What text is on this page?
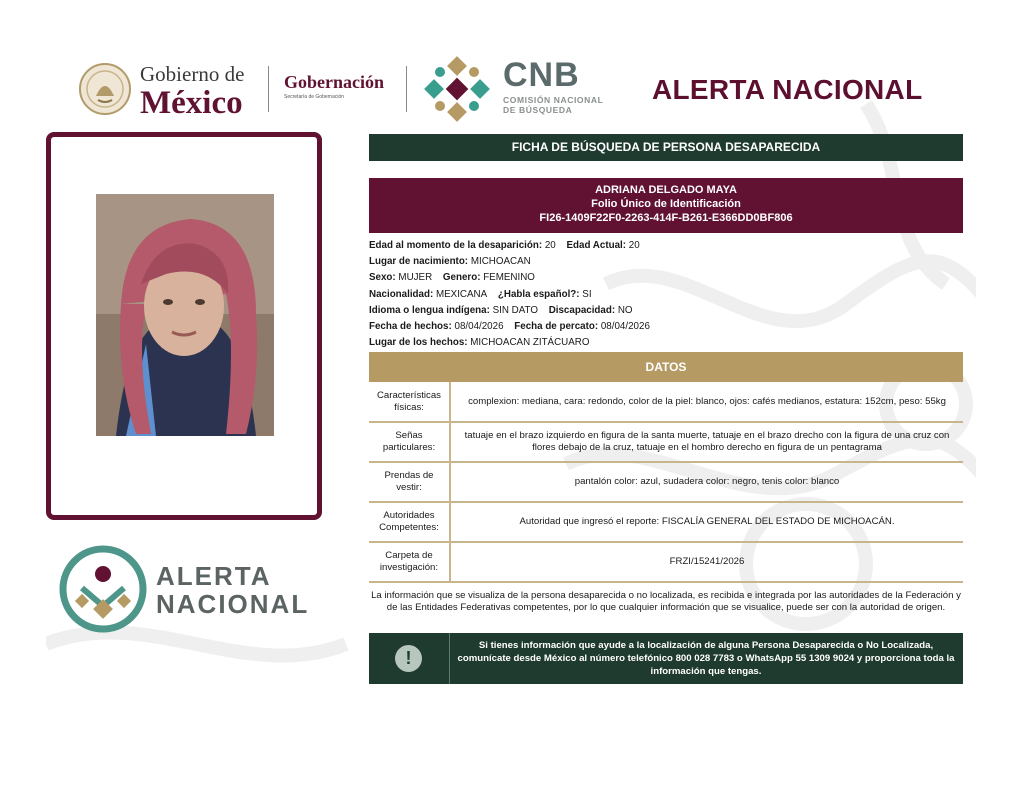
Gobierno de
México
Gobernación
Secretaría de Gobernación
CNB
COMISIÓN NACIONAL
DE BÚSQUEDA
ALERTA NACIONAL
ALERTA
NACIONAL
FICHA DE BÚSQUEDA DE PERSONA DESAPARECIDA
ADRIANA DELGADO MAYA
Folio Único de Identificación
FI26-1409F22F0-2263-414F-B261-E366DD0BF806
Edad al momento de la desaparición: 20 Edad Actual: 20
Lugar de nacimiento: MICHOACAN
Sexo: MUJER Genero: FEMENINO
Nacionalidad: MEXICANA ¿Habla español?: SI
Idioma o lengua indígena: SIN DATO Discapacidad: NO
Fecha de hechos: 08/04/2026 Fecha de percato: 08/04/2026
Lugar de los hechos: MICHOACAN ZITÁCUARO
DATOS
Características físicas:	complexion: mediana, cara: redondo, color de la piel: blanco, ojos: cafés medianos, estatura: 152cm, peso: 55kg
Señas particulares:	tatuaje en el brazo izquierdo en figura de la santa muerte, tatuaje en el brazo drecho con la figura de una cruz con flores debajo de la cruz, tatuaje en el hombro derecho en figura de un pentagrama
Prendas de vestir:	pantalón color: azul, sudadera color: negro, tenis color: blanco
Autoridades Competentes:	Autoridad que ingresó el reporte: FISCALÍA GENERAL DEL ESTADO DE MICHOACÁN.
Carpeta de investigación:	FRZI/15241/2026
La información que se visualiza de la persona desaparecida o no localizada, es recibida e integrada por las autoridades de la Federación y de las Entidades Federativas competentes, por lo que cualquier información que se visualice, puede ser con la autoridad de origen.
!
Si tienes información que ayude a la localización de alguna Persona Desaparecida o No Localizada, comunícate desde México al número telefónico 800 028 7783 o WhatsApp 55 1309 9024 y proporciona toda la información que tengas.
